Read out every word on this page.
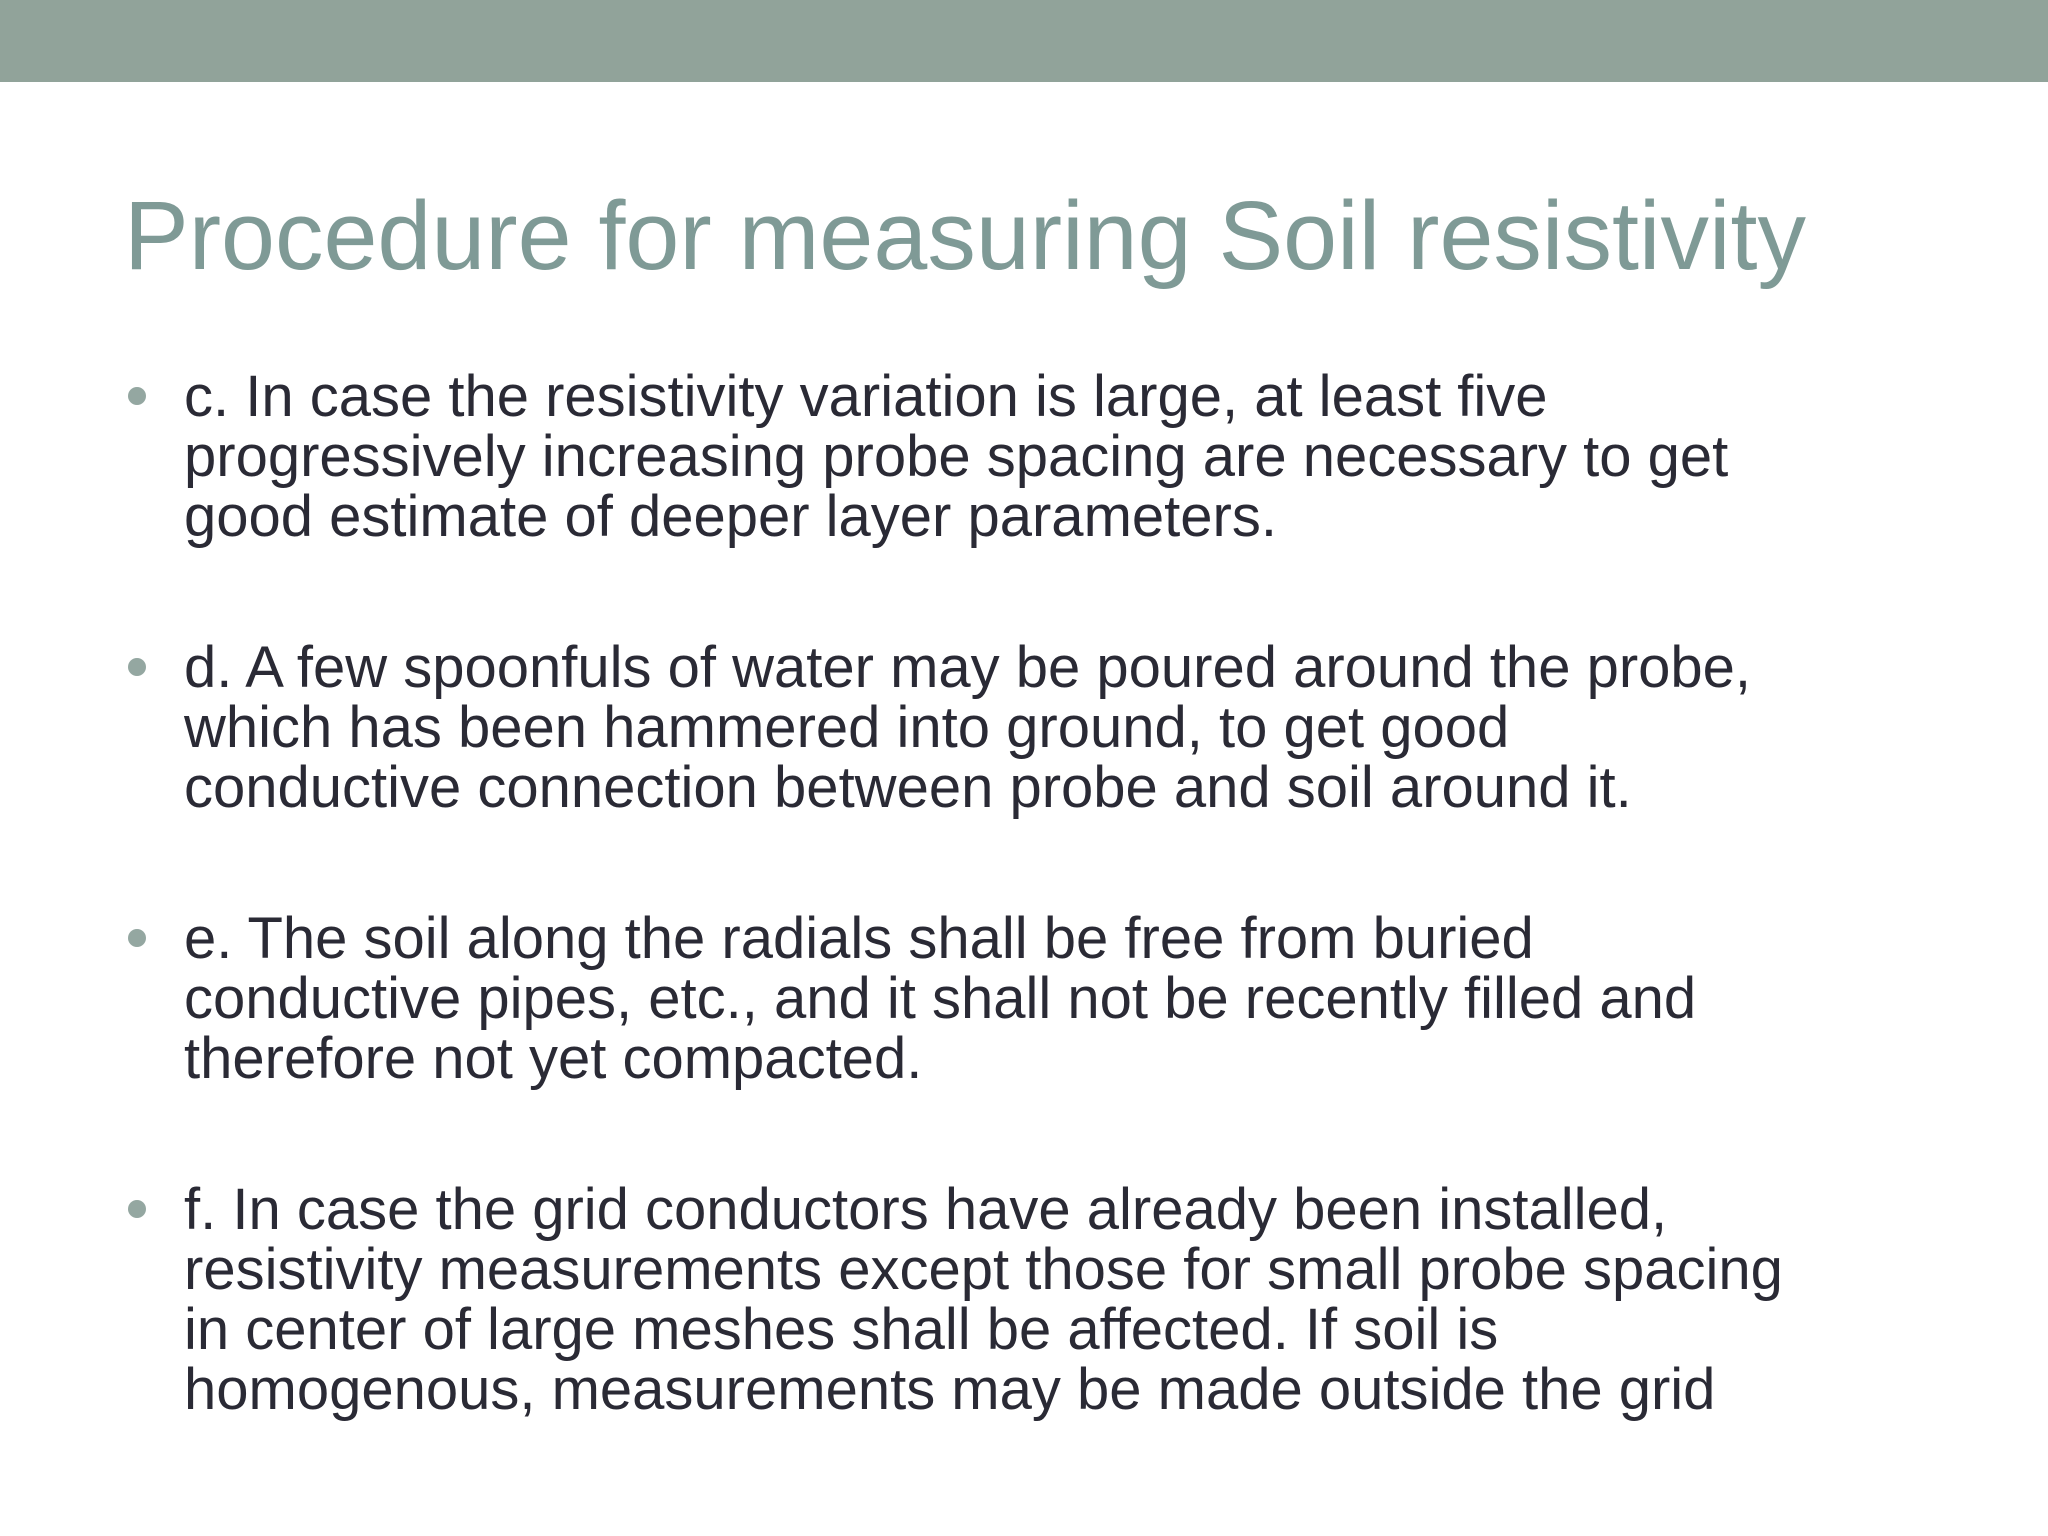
Procedure for measuring Soil resistivity
c. In case the resistivity variation is large, at least five
progressively increasing probe spacing are necessary to get
good estimate of deeper layer parameters.
d. A few spoonfuls of water may be poured around the probe,
which has been hammered into ground, to get good
conductive connection between probe and soil around it.
e. The soil along the radials shall be free from buried
conductive pipes, etc., and it shall not be recently filled and
therefore not yet compacted.
f. In case the grid conductors have already been installed,
resistivity measurements except those for small probe spacing
in center of large meshes shall be affected. If soil is
homogenous, measurements may be made outside the grid
